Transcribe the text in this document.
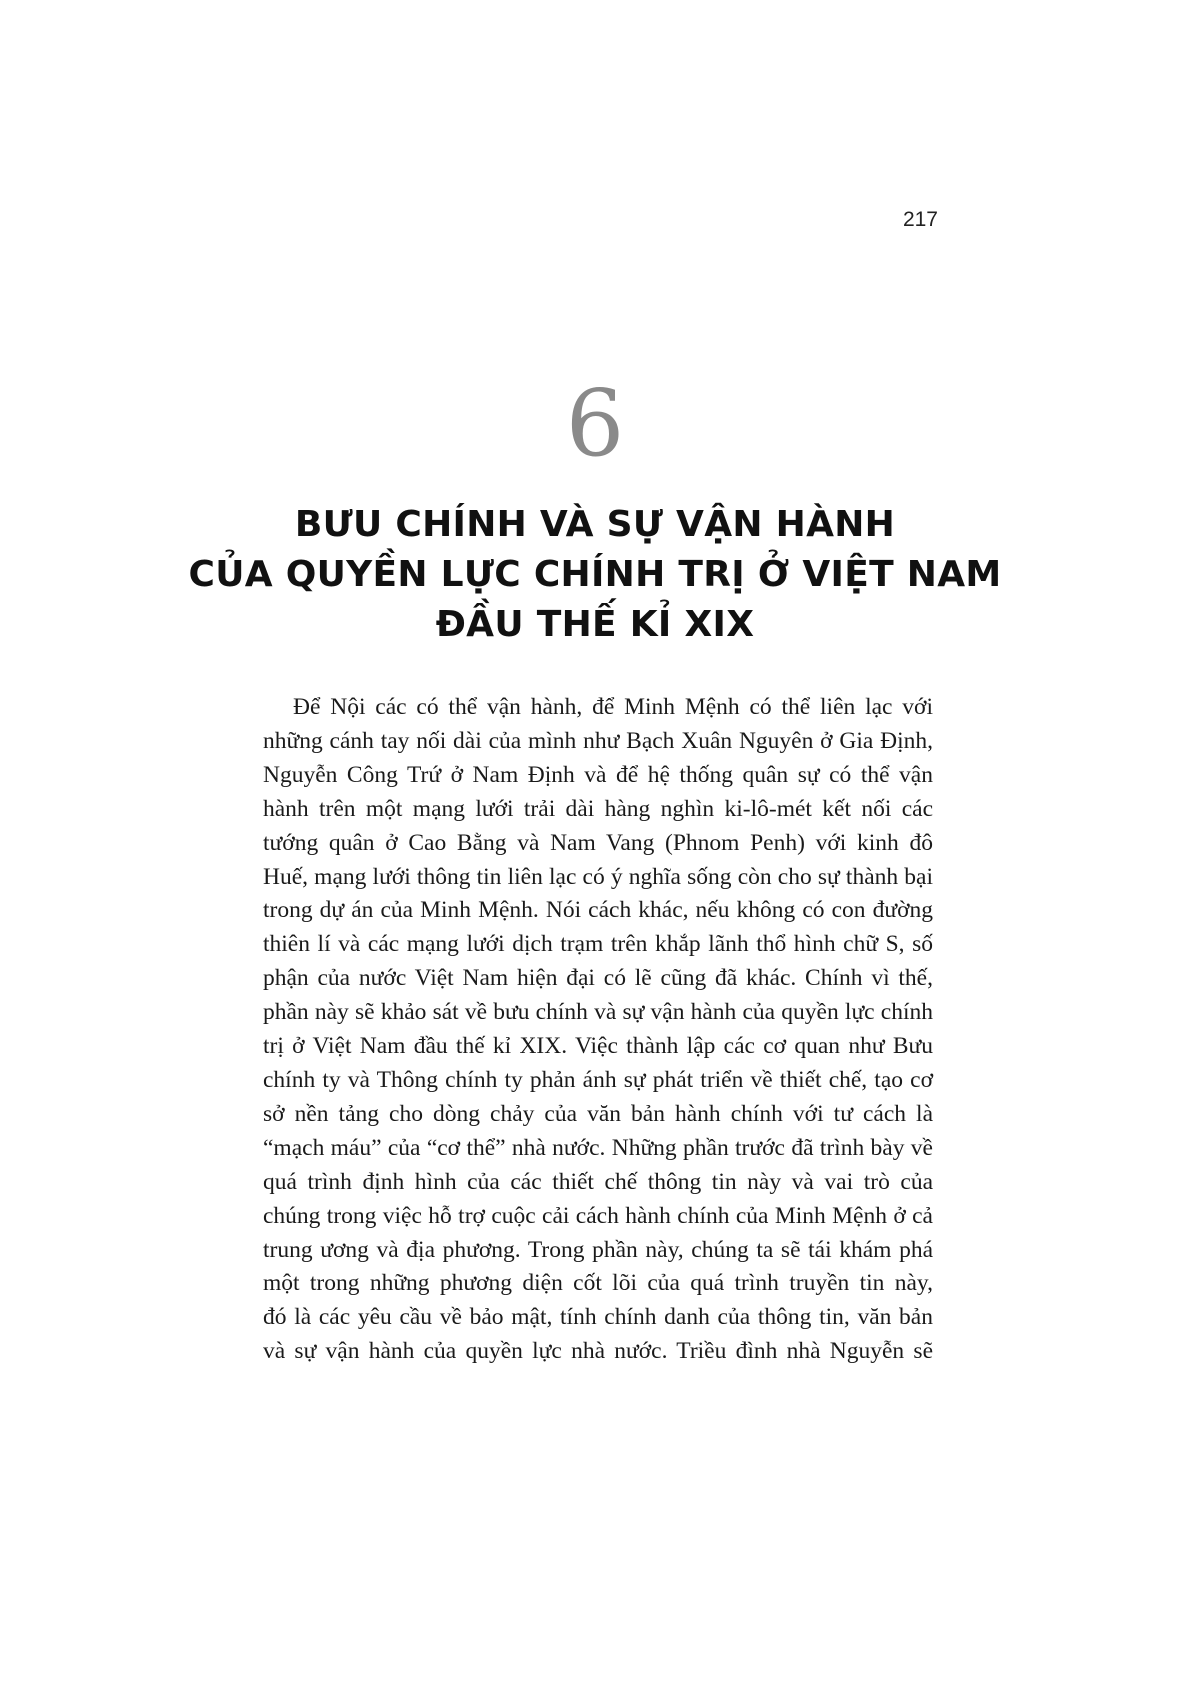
217
6
BƯU CHÍNH VÀ SỰ VẬN HÀNH
CỦA QUYỀN LỰC CHÍNH TRỊ Ở VIỆT NAM
ĐẦU THẾ KỈ XIX
Để Nội các có thể vận hành, để Minh Mệnh có thể liên lạc với
những cánh tay nối dài của mình như Bạch Xuân Nguyên ở Gia Định,
Nguyễn Công Trứ ở Nam Định và để hệ thống quân sự có thể vận
hành trên một mạng lưới trải dài hàng nghìn ki-lô-mét kết nối các
tướng quân ở Cao Bằng và Nam Vang (Phnom Penh) với kinh đô
Huế, mạng lưới thông tin liên lạc có ý nghĩa sống còn cho sự thành bại
trong dự án của Minh Mệnh. Nói cách khác, nếu không có con đường
thiên lí và các mạng lưới dịch trạm trên khắp lãnh thổ hình chữ S, số
phận của nước Việt Nam hiện đại có lẽ cũng đã khác. Chính vì thế,
phần này sẽ khảo sát về bưu chính và sự vận hành của quyền lực chính
trị ở Việt Nam đầu thế kỉ XIX. Việc thành lập các cơ quan như Bưu
chính ty và Thông chính ty phản ánh sự phát triển về thiết chế, tạo cơ
sở nền tảng cho dòng chảy của văn bản hành chính với tư cách là
“mạch máu” của “cơ thể” nhà nước. Những phần trước đã trình bày về
quá trình định hình của các thiết chế thông tin này và vai trò của
chúng trong việc hỗ trợ cuộc cải cách hành chính của Minh Mệnh ở cả
trung ương và địa phương. Trong phần này, chúng ta sẽ tái khám phá
một trong những phương diện cốt lõi của quá trình truyền tin này,
đó là các yêu cầu về bảo mật, tính chính danh của thông tin, văn bản
và sự vận hành của quyền lực nhà nước. Triều đình nhà Nguyễn sẽ
